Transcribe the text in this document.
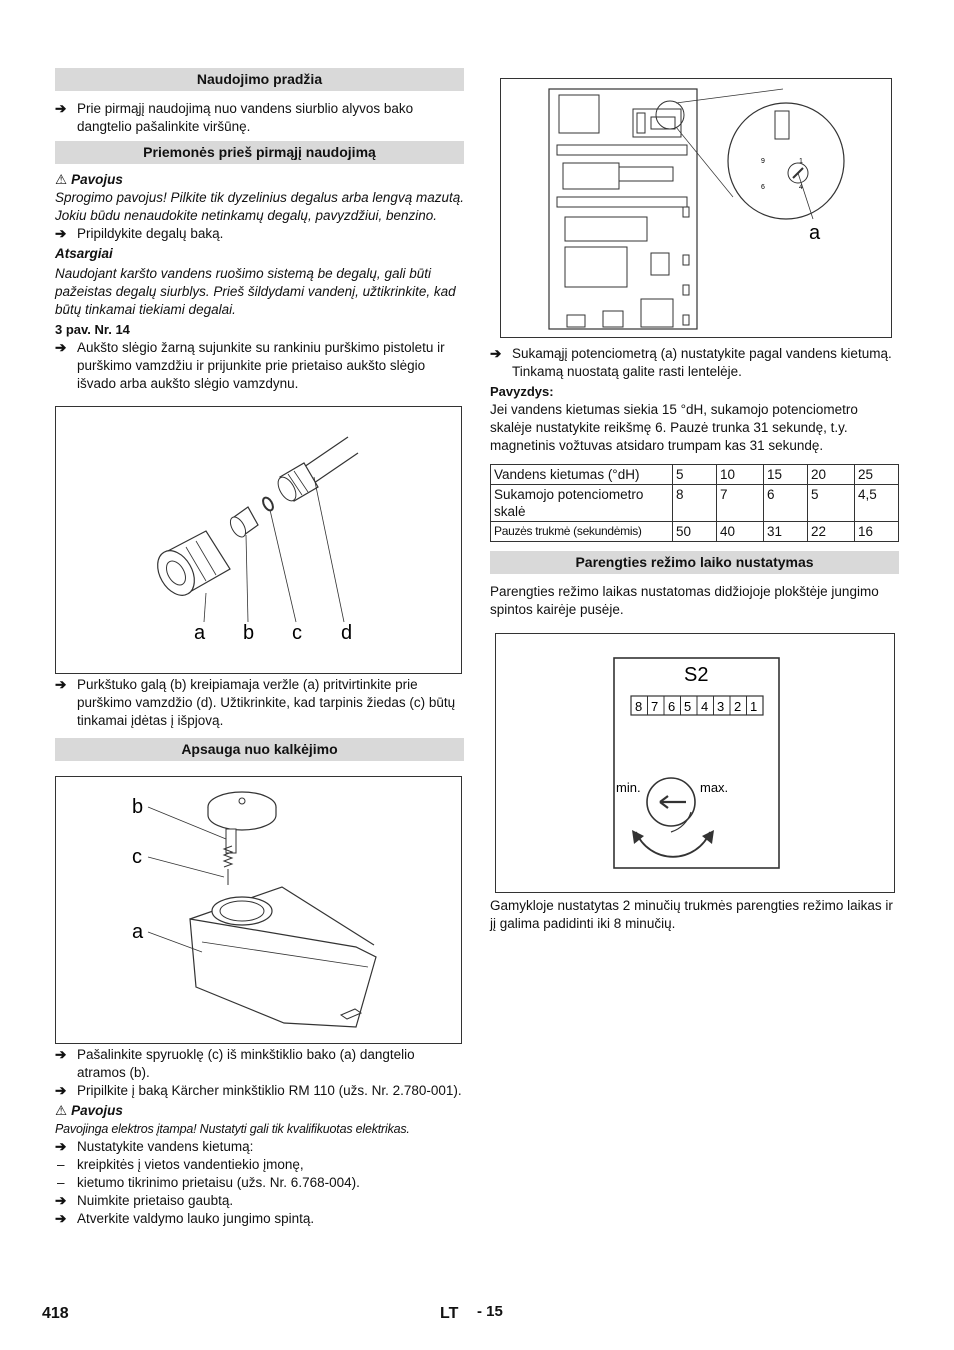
Naudojimo pradžia
➔ Prie pirmąjį naudojimą nuo vandens siurblio alyvos bako dangtelio pašalinkite viršūnę.
Priemonės prieš pirmąjį naudojimą
⚠ Pavojus
Sprogimo pavojus! Pilkite tik dyzelinius degalus arba lengvą mazutą. Jokiu būdu nenaudokite netinkamų degalų, pavyzdžiui, benzino.
➔ Pripildykite degalų baką.
Atsargiai
Naudojant karšto vandens ruošimo sistemą be degalų, gali būti pažeistas degalų siurblys. Prieš šildydami vandenį, užtikrinkite, kad būtų tinkamai tiekiami degalai.
3 pav. Nr. 14
➔ Aukšto slėgio žarną sujunkite su rankiniu purškimo pistoletu ir purškimo vamzdžiu ir prijunkite prie prietaiso aukšto slėgio išvado arba aukšto slėgio vamzdynu.
a b c d
➔ Purkštuko galą (b) kreipiamaja veržle (a) pritvirtinkite prie purškimo vamzdžio (d). Užtikrinkite, kad tarpinis žiedas (c) būtų tinkamai įdėtas į išpjovą.
Apsauga nuo kalkėjimo
b
c
a
➔ Pašalinkite spyruoklę (c) iš minkštiklio bako (a) dangtelio atramos (b).
➔ Pripilkite į baką Kärcher minkštiklio RM 110 (užs. Nr. 2.780-001).
⚠ Pavojus
Pavojinga elektros įtampa! Nustatyti gali tik kvalifikuotas elektrikas.
➔ Nustatykite vandens kietumą:
– kreipkitės į vietos vandentiekio įmonę,
– kietumo tikrinimo prietaisu (užs. Nr. 6.768-004).
➔ Nuimkite prietaiso gaubtą.
➔ Atverkite valdymo lauko jungimo spintą.
9	1
6	4
a
➔ Sukamąjį potenciometrą (a) nustatykite pagal vandens kietumą. Tinkamą nuostatą galite rasti lentelėje.
Pavyzdys:
Jei vandens kietumas siekia 15 °dH, sukamojo potenciometro skalėje nustatykite reikšmę 6. Pauzė trunka 31 sekundę, t.y. magnetinis vožtuvas atsidaro trumpam kas 31 sekundę.
Vandens kietumas (°dH)	5	10	15	20	25
Sukamojo potenciometro skalė	8	7	6	5	4,5
Pauzės trukmė (sekundėmis)	50	40	31	22	16
Parengties režimo laiko nustatymas
Parengties režimo laikas nustatomas didžiojoje plokštėje jungimo spintos kairėje pusėje.
S2
8 7 6 5 4 3 2 1
min.	max.
Gamykloje nustatytas 2 minučių trukmės parengties režimo laikas ir jį galima padidinti iki 8 minučių.
418	LT - 15
